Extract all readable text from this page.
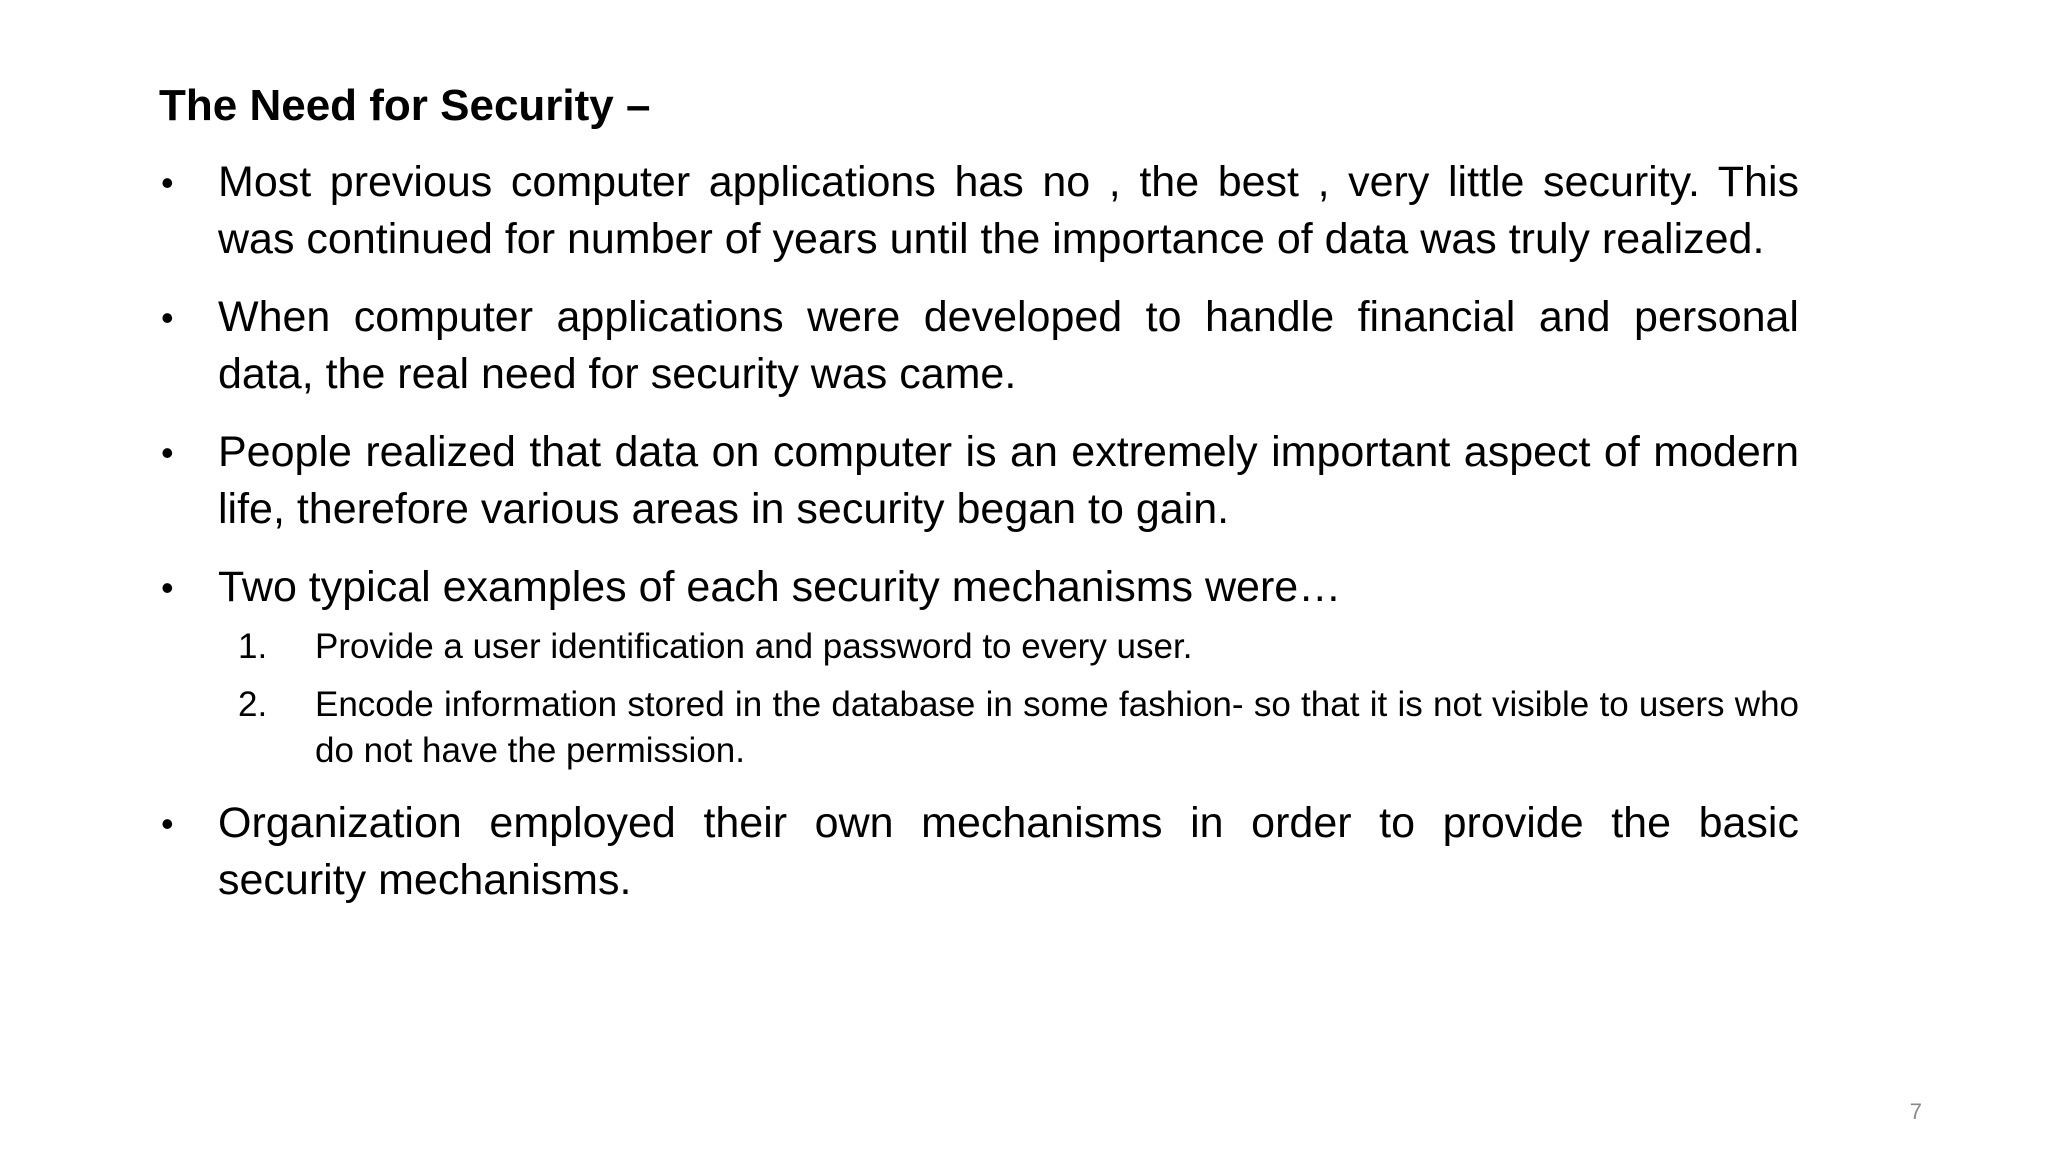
The Need for Security –
•	Most previous computer applications has no , the best , very little security. This was continued for number of years until the importance of data was truly realized.
•	When computer applications were developed to handle financial and personal data, the real need for security was came.
•	People realized that data on computer is an extremely important aspect of modern life, therefore various areas in security began to gain.
•	Two typical examples of each security mechanisms were…
1.	Provide a user identification and password to every user.
2.	Encode information stored in the database in some fashion- so that it is not visible to users who do not have the permission.
•	Organization employed their own mechanisms in order to provide the basic security mechanisms.
7
